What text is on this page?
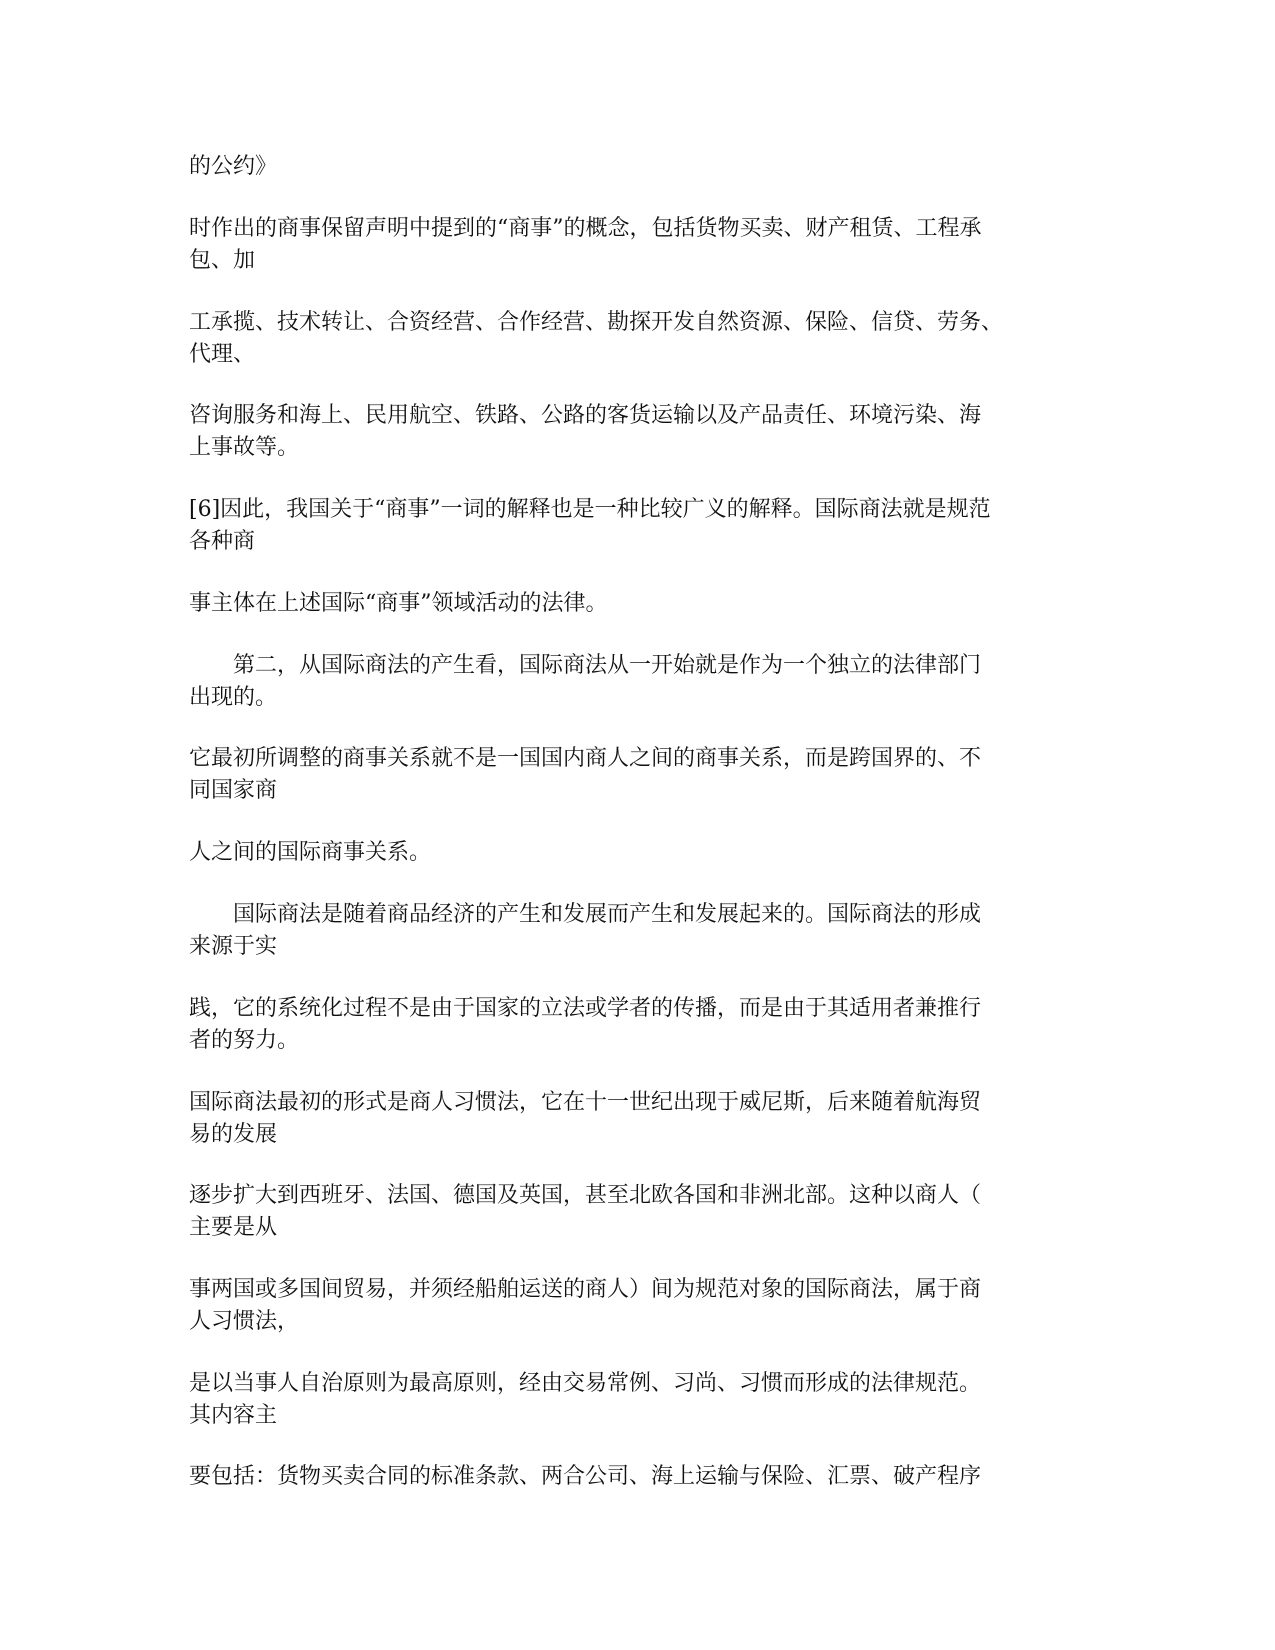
的公约》

时作出的商事保留声明中提到的“商事”的概念，包括货物买卖、财产租赁、工程承
包、加

工承揽、技术转让、合资经营、合作经营、勘探开发自然资源、保险、信贷、劳务、
代理、

咨询服务和海上、民用航空、铁路、公路的客货运输以及产品责任、环境污染、海
上事故等。

[6]因此，我国关于“商事”一词的解释也是一种比较广义的解释。国际商法就是规范
各种商

事主体在上述国际“商事”领域活动的法律。

　　第二，从国际商法的产生看，国际商法从一开始就是作为一个独立的法律部门
出现的。

它最初所调整的商事关系就不是一国国内商人之间的商事关系，而是跨国界的、不
同国家商

人之间的国际商事关系。

　　国际商法是随着商品经济的产生和发展而产生和发展起来的。国际商法的形成
来源于实

践，它的系统化过程不是由于国家的立法或学者的传播，而是由于其适用者兼推行
者的努力。

国际商法最初的形式是商人习惯法，它在十一世纪出现于威尼斯，后来随着航海贸
易的发展

逐步扩大到西班牙、法国、德国及英国，甚至北欧各国和非洲北部。这种以商人（
主要是从

事两国或多国间贸易，并须经船舶运送的商人）间为规范对象的国际商法，属于商
人习惯法，

是以当事人自治原则为最高原则，经由交易常例、习尚、习惯而形成的法律规范。
其内容主

要包括：货物买卖合同的标准条款、两合公司、海上运输与保险、汇票、破产程序
